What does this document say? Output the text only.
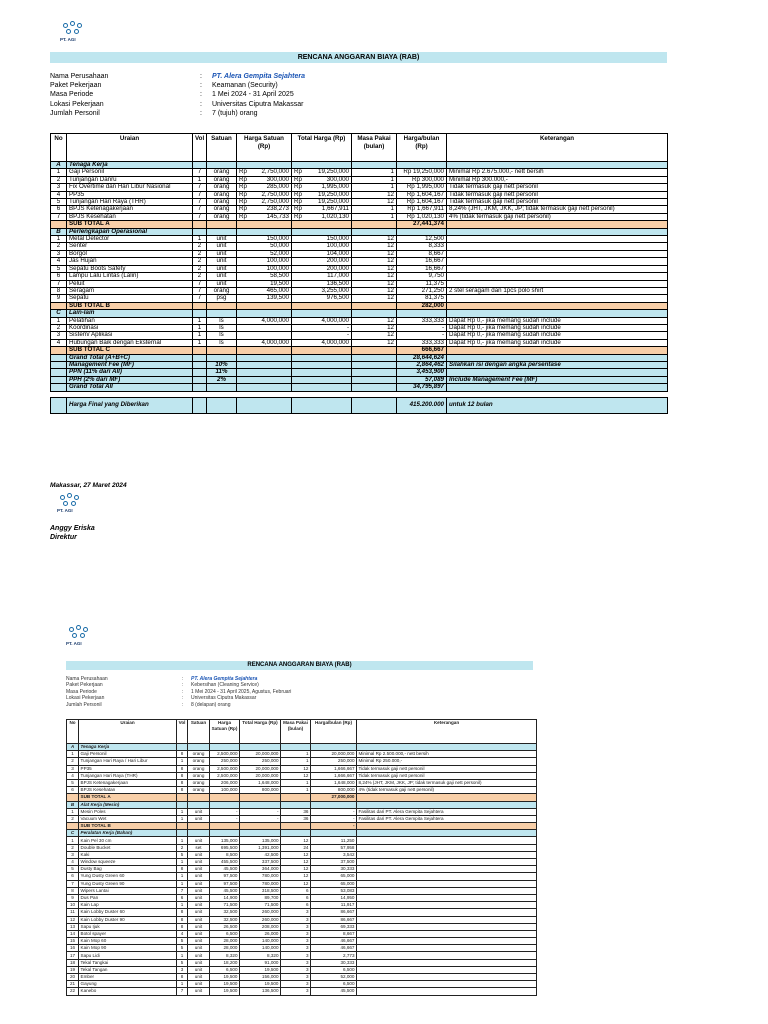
PT. AGI
RENCANA ANGGARAN BIAYA (RAB)
Nama Perusahaan	:	PT. Alera Gempita Sejahtera
Paket Pekerjaan	:	Keamanan (Security)
Masa Periode	:	1 Mei 2024 - 31 April 2025
Lokasi Pekerjaan	:	Universitas Ciputra Makassar
Jumlah Personil	:	7 (tujuh) orang
No	Uraian	Vol	Satuan	Harga Satuan (Rp)	Total Harga (Rp)	Masa Pakai (bulan)	Harga/bulan (Rp)	Keterangan
A	Tenaga Kerja							
1	Gaji Personil	7	orang	Rp 2,750,000	Rp 19,250,000	1	Rp 19,250,000	Minimal Rp 2.675.000,- nett bersih
2	Tunjangan Danru	1	orang	Rp 300,000	Rp 300,000	1	Rp 300,000	Minimal Rp 300.000,-
3	Fix Overtime dan Hari Libur Nasional	7	orang	Rp 285,000	Rp 1,995,000	1	Rp 1,995,000	Tidak termasuk gaji nett personil
4	PP35	7	orang	Rp 2,750,000	Rp 19,250,000	12	Rp 1,604,167	Tidak termasuk gaji nett personil
5	Tunjangan Hari Raya (THR)	7	orang	Rp 2,750,000	Rp 19,250,000	12	Rp 1,604,167	Tidak termasuk gaji nett personil
6	BPJS Ketenagakerjaan	7	orang	Rp 238,273	Rp 1,667,911	1	Rp 1,667,911	8,24% (JHT, JKM, JKK, JP; tidak termasuk gaji nett personil)
7	BPJS Kesehatan	7	orang	Rp 145,733	Rp 1,020,130	1	Rp 1,020,130	4% (tidak termasuk gaji nett personil)
	SUB TOTAL A						27,441,374	
B	Perlengkapan Operasional							
1	Metal Detector	1	unit	150,000	150,000	12	12,500	
2	Senter	2	unit	50,000	100,000	12	8,333	
3	Borgol	2	unit	52,000	104,000	12	8,667	
4	Jas Hujan	2	unit	100,000	200,000	12	16,667	
5	Sepatu Boots Safety	2	unit	100,000	200,000	12	16,667	
6	Lampu Lalu Lintas (Lalin)	2	unit	58,500	117,000	12	9,750	
7	Peluit	7	unit	19,500	136,500	12	11,375	
8	Seragam	7	orang	465,000	3,255,000	12	271,250	2 stel seragam dan 1pcs polo shirt
9	Sepatu	7	psg	139,500	976,500	12	81,375	
	SUB TOTAL B						282,000	
C	Lain-lain							
1	Pelatihan	1	ls	4,000,000	4,000,000	12	333,333	Dapat Rp 0,- jika memang sudah include
2	Koordinasi	1	ls		-	12	-	Dapat Rp 0,- jika memang sudah include
3	Sistem/ Aplikasi	1	ls		-	12	-	Dapat Rp 0,- jika memang sudah include
4	Hubungan Baik dengan Eksternal	1	ls	4,000,000	4,000,000	12	333,333	Dapat Rp 0,- jika memang sudah include
	SUB TOTAL C						666,667	
	Grand Total (A+B+C)						28,644,624	
	Management Fee (MF)		10%				2,864,462	Silahkan isi dengan angka persentase
	PPN (11% dari All)		11%				3,453,900	
	PPH (2% dari MF)		2%				57,089	Include Management Fee (MF)
	Grand Total All						34,795,897	

	Harga Final yang Diberikan						415.200.000	untuk 12 bulan
Makassar, 27 Maret 2024
PT. AGI
Anggy Eriska
Direktur
PT. AGI
RENCANA ANGGARAN BIAYA (RAB)
Nama Perusahaan	:	PT. Alera Gempita Sejahtera
Paket Pekerjaan	:	Kebersihan (Cleaning Service)
Masa Periode	:	1 Mei 2024 - 31 April 2025, Agustus, Februari
Lokasi Pekerjaan	:	Universitas Ciputra Makassar
Jumlah Personil	:	8 (delapan) orang
No	Uraian	Vol	Satuan	Harga Satuan (Rp)	Total Harga (Rp)	Masa Pakai (bulan)	Harga/bulan (Rp)	Keterangan
A	Tenaga Kerja							
1	Gaji Personil	8	orang	2,500,000	20,000,000	1	20,000,000	Minimal Rp 2.500.000,- nett bersih
2	Tunjangan Hari Raya / Hari Libur	1	orang	250,000	250,000	1	250,000	Minimal Rp 250.000,-
3	PP35	8	orang	2,500,000	20,000,000	12	1,666,667	Tidak termasuk gaji nett personil
4	Tunjangan Hari Raya (THR)	8	orang	2,500,000	20,000,000	12	1,666,667	Tidak termasuk gaji nett personil
5	BPJS Ketenagakerjaan	8	orang	206,000	1,648,000	1	1,648,000	8,24% (JHT, JKM, JKK, JP; tidak termasuk gaji nett personil)
6	BPJS Kesehatan	8	orang	100,000	800,000	1	800,000	4% (tidak termasuk gaji nett personil)
	SUB TOTAL A						27,000,000	
B	Alat Kerja (Mesin)							
1	Mesin Poles	1	unit	-	-	36	-	Fasilitas dari PT. Alera Gempita Sejahtera
2	Vacuum Wet	1	unit	-	-	36	-	Fasilitas dari PT. Alera Gempita Sejahtera
	SUB TOTAL B						-	
C	Peralatan Kerja (Bahan)							
1	Kain Pel 30 cm	1	unit	135,000	135,000	12	11,250	
2	Double Bucket	2	set	695,500	1,391,000	24	57,958	
3	Kaki	5	unit	8,500	42,500	12	3,542	
4	Window squeeze	1	unit	455,500	337,500	12	37,500	
5	Dusty Bag	8	unit	45,500	364,000	12	30,333	
6	Yung Dusty Green 60	1	unit	97,500	780,000	12	65,000	
7	Yung Dusty Green 90	1	unit	97,500	780,000	12	65,000	
8	Wipers Lantai	7	unit	45,500	318,500	6	53,083	
9	Dus Pan	6	unit	14,900	89,700	6	14,950	
10	Kain Lap	1	unit	71,500	71,500	6	11,917	
11	Kain Lobby Duster 60	8	unit	32,500	260,000	3	86,667	
12	Kain Lobby Duster 90	8	unit	32,500	260,000	3	86,667	
13	Sapu Ijuk	8	unit	26,500	208,000	3	69,333	
14	Botol spayer	4	unit	6,500	26,000	3	8,667	
15	Kain Mop 60	5	unit	28,000	140,000	3	46,667	
16	Kain Mop 90	5	unit	28,000	140,000	3	46,667	
17	Sapu Lidi	1	unit	8,320	8,320	3	2,773	
18	Tekal Tangkai	5	unit	18,200	91,000	3	30,333	
19	Tekal Tangan	3	unit	6,500	19,500	3	6,500	
20	Ember	8	unit	19,500	156,000	3	52,000	
21	Gayung	1	unit	19,500	19,500	3	6,500	
22	Kanebo	7	unit	19,500	136,500	3	45,500	
